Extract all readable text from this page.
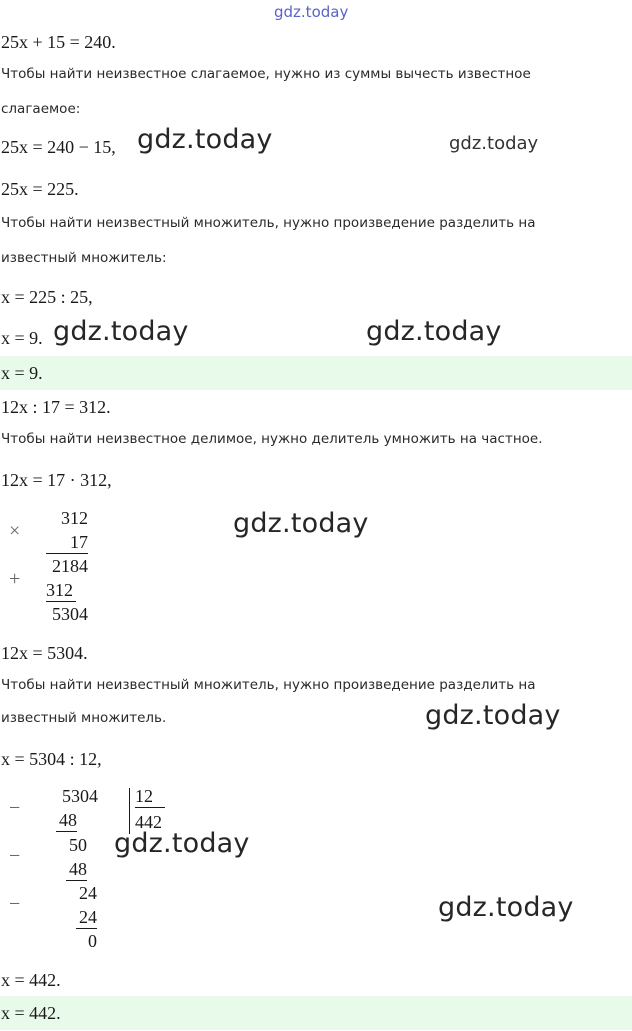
gdz.today
25x + 15 = 240.
Чтобы найти неизвестное слагаемое, нужно из суммы вычесть известное
слагаемое:
25x = 240 − 15, gdz.today	gdz.today
25x = 225.
Чтобы найти неизвестный множитель, нужно произведение разделить на
известный множитель:
x = 225 : 25,
x = 9. gdz.today	gdz.today
x = 9.
12x : 17 = 312.
Чтобы найти неизвестное делимое, нужно делитель умножить на частное.
12x = 17 · 312,
×
312
17
+
2184
312
5304
gdz.today
12x = 5304.
Чтобы найти неизвестный множитель, нужно произведение разделить на
известный множитель.	gdz.today
x = 5304 : 12,
−
5304 12
442
48
−	50
48
−	24
24
0
gdz.today
gdz.today
x = 442.
x = 442.
